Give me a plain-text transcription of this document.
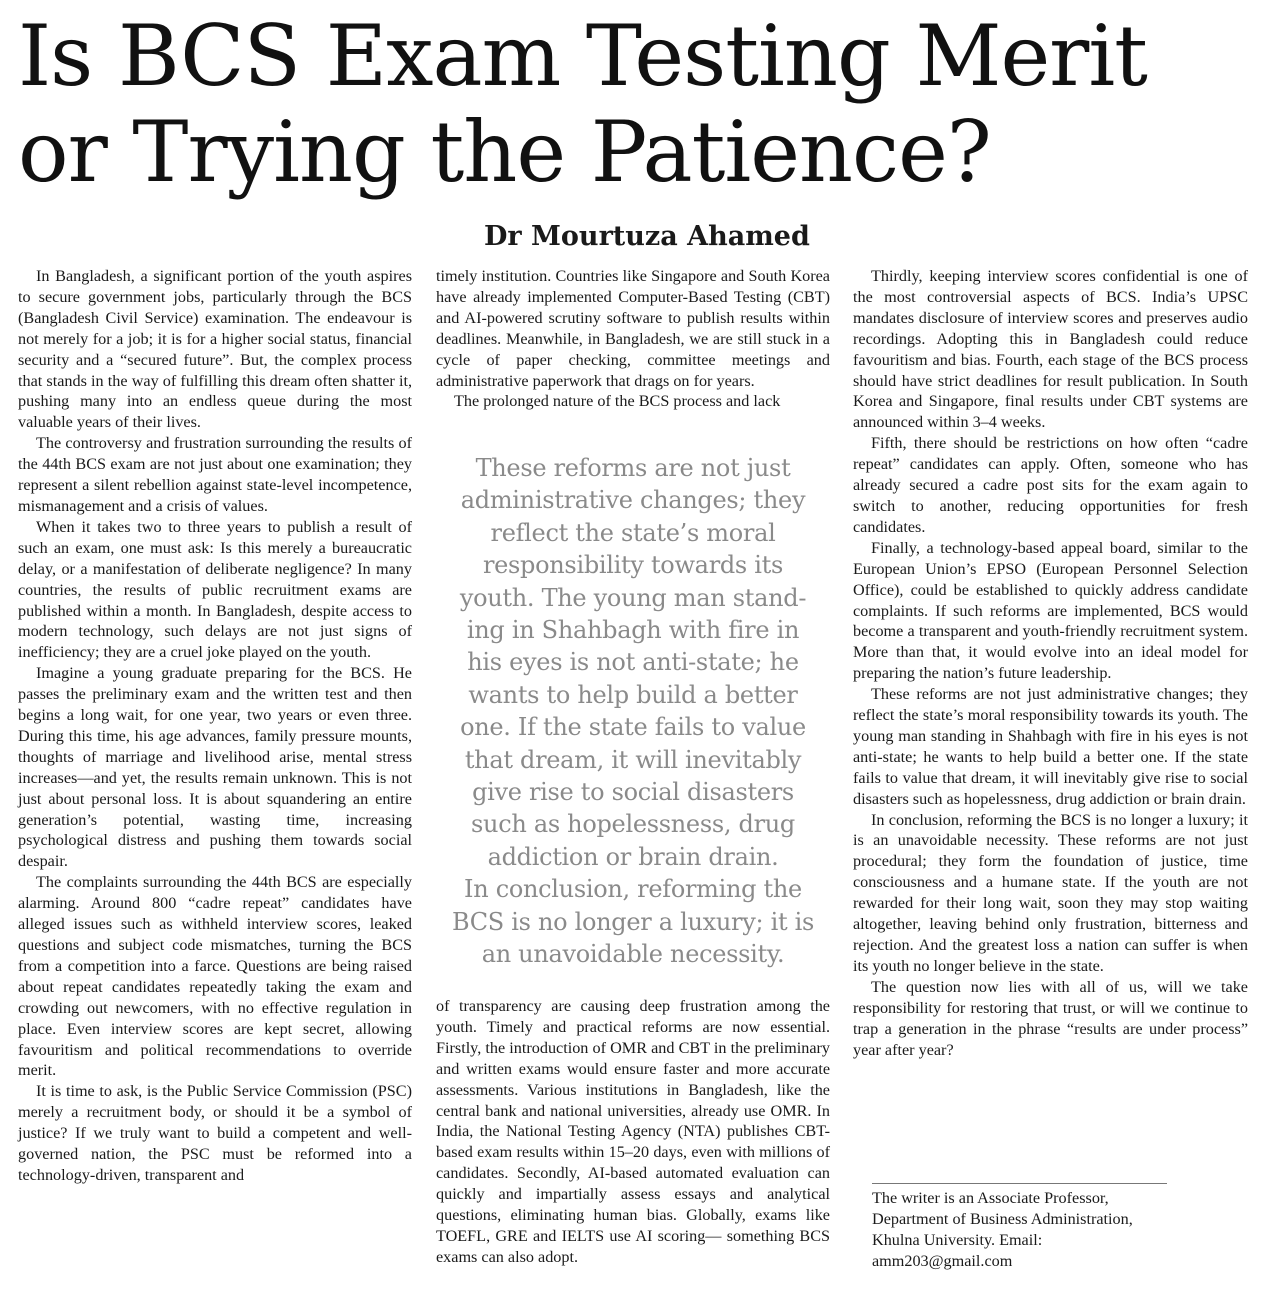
Is BCS Exam Testing Merit
or Trying the Patience?
Dr Mourtuza Ahamed

In Bangladesh, a significant portion of the youth aspires to secure government jobs, particularly through the BCS (Bangladesh Civil Service) examination. The endeavour is not merely for a job; it is for a higher social status, financial security and a “secured future”. But, the complex process that stands in the way of fulfilling this dream often shatter it, pushing many into an endless queue during the most valuable years of their lives.

The controversy and frustration surrounding the results of the 44th BCS exam are not just about one examination; they represent a silent rebellion against state-level incompetence, mismanagement and a crisis of values.

When it takes two to three years to publish a result of such an exam, one must ask: Is this merely a bureaucratic delay, or a manifestation of deliberate negligence? In many countries, the results of public recruitment exams are published within a month. In Bangladesh, despite access to modern technology, such delays are not just signs of inefficiency; they are a cruel joke played on the youth.

Imagine a young graduate preparing for the BCS. He passes the preliminary exam and the written test and then begins a long wait, for one year, two years or even three. During this time, his age advances, family pressure mounts, thoughts of marriage and livelihood arise, mental stress increases—and yet, the results remain unknown. This is not just about personal loss. It is about squandering an entire generation’s potential, wasting time, increasing psychological distress and pushing them towards social despair.

The complaints surrounding the 44th BCS are especially alarming. Around 800 “cadre repeat” candidates have alleged issues such as withheld interview scores, leaked questions and subject code mismatches, turning the BCS from a competition into a farce. Questions are being raised about repeat candidates repeatedly taking the exam and crowding out newcomers, with no effective regulation in place. Even interview scores are kept secret, allowing favouritism and political recommendations to override merit.

It is time to ask, is the Public Service Commission (PSC) merely a recruitment body, or should it be a symbol of justice? If we truly want to build a competent and well-governed nation, the PSC must be reformed into a technology-driven, transparent and

timely institution. Countries like Singapore and South Korea have already implemented Computer-Based Testing (CBT) and AI-powered scrutiny software to publish results within deadlines. Meanwhile, in Bangladesh, we are still stuck in a cycle of paper checking, committee meetings and administrative paperwork that drags on for years.

The prolonged nature of the BCS process and lack

These reforms are not just
administrative changes; they
reflect the state’s moral
responsibility towards its
youth. The young man stand-
ing in Shahbagh with fire in
his eyes is not anti-state; he
wants to help build a better
one. If the state fails to value
that dream, it will inevitably
give rise to social disasters
such as hopelessness, drug
addiction or brain drain.
In conclusion, reforming the
BCS is no longer a luxury; it is
an unavoidable necessity.

of transparency are causing deep frustration among the youth. Timely and practical reforms are now essential. Firstly, the introduction of OMR and CBT in the preliminary and written exams would ensure faster and more accurate assessments. Various institutions in Bangladesh, like the central bank and national universities, already use OMR. In India, the National Testing Agency (NTA) publishes CBT-based exam results within 15–20 days, even with millions of candidates. Secondly, AI-based automated evaluation can quickly and impartially assess essays and analytical questions, eliminating human bias. Globally, exams like TOEFL, GRE and IELTS use AI scoring— something BCS exams can also adopt.

Thirdly, keeping interview scores confidential is one of the most controversial aspects of BCS. India’s UPSC mandates disclosure of interview scores and preserves audio recordings. Adopting this in Bangladesh could reduce favouritism and bias. Fourth, each stage of the BCS process should have strict deadlines for result publication. In South Korea and Singapore, final results under CBT systems are announced within 3–4 weeks.

Fifth, there should be restrictions on how often “cadre repeat” candidates can apply. Often, someone who has already secured a cadre post sits for the exam again to switch to another, reducing opportunities for fresh candidates.

Finally, a technology-based appeal board, similar to the European Union’s EPSO (European Personnel Selection Office), could be established to quickly address candidate complaints. If such reforms are implemented, BCS would become a transparent and youth-friendly recruitment system. More than that, it would evolve into an ideal model for preparing the nation’s future leadership.

These reforms are not just administrative changes; they reflect the state’s moral responsibility towards its youth. The young man standing in Shahbagh with fire in his eyes is not anti-state; he wants to help build a better one. If the state fails to value that dream, it will inevitably give rise to social disasters such as hopelessness, drug addiction or brain drain.

In conclusion, reforming the BCS is no longer a luxury; it is an unavoidable necessity. These reforms are not just procedural; they form the foundation of justice, time consciousness and a humane state. If the youth are not rewarded for their long wait, soon they may stop waiting altogether, leaving behind only frustration, bitterness and rejection. And the greatest loss a nation can suffer is when its youth no longer believe in the state.

The question now lies with all of us, will we take responsibility for restoring that trust, or will we continue to trap a generation in the phrase “results are under process” year after year?

The writer is an Associate Professor,
Department of Business Administration,
Khulna University. Email:
amm203@gmail.com
